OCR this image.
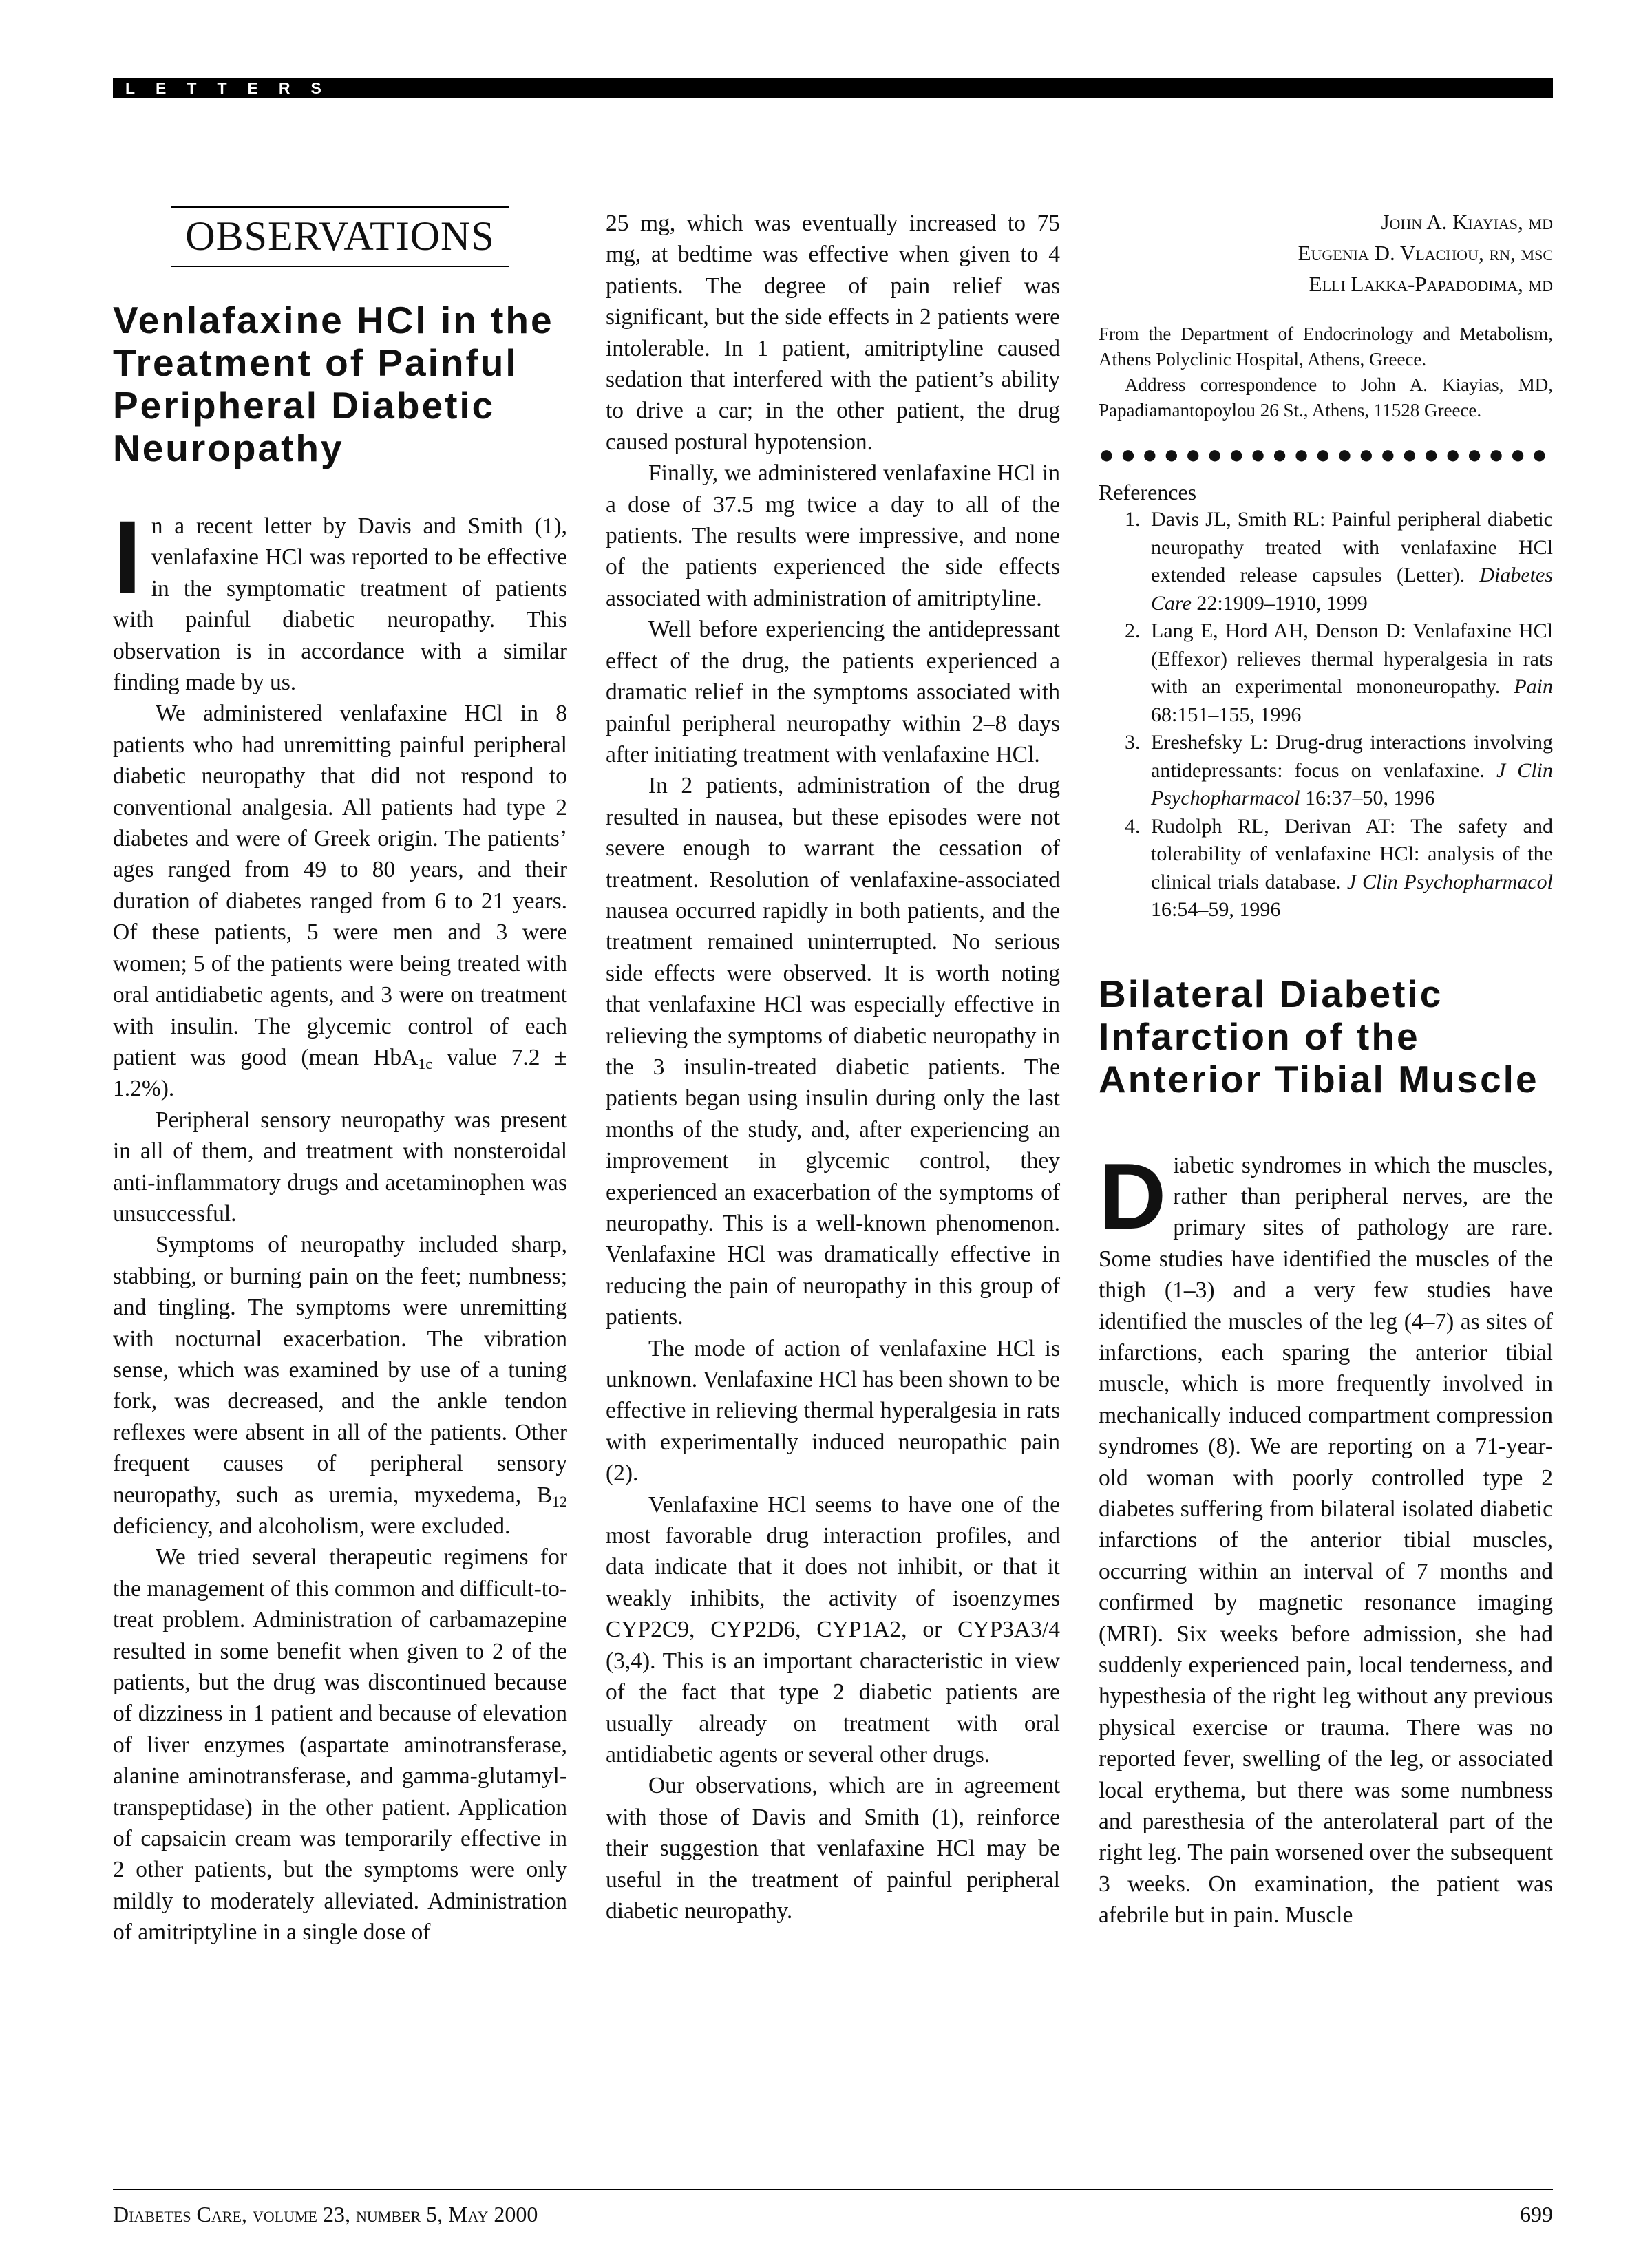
LETTERS
OBSERVATIONS
Venlafaxine HCl in the Treatment of Painful Peripheral Diabetic Neuropathy

In a recent letter by Davis and Smith (1), venlafaxine HCl was reported to be effective in the symptomatic treatment of patients with painful diabetic neuropathy. This observation is in accordance with a similar finding made by us.

We administered venlafaxine HCl in 8 patients who had unremitting painful peripheral diabetic neuropathy that did not respond to conventional analgesia. All patients had type 2 diabetes and were of Greek origin. The patients’ ages ranged from 49 to 80 years, and their duration of diabetes ranged from 6 to 21 years. Of these patients, 5 were men and 3 were women; 5 of the patients were being treated with oral antidiabetic agents, and 3 were on treatment with insulin. The glycemic control of each patient was good (mean HbA$_{1c}$ value 7.2 ± 1.2%).

Peripheral sensory neuropathy was present in all of them, and treatment with nonsteroidal anti-inflammatory drugs and acetaminophen was unsuccessful.

Symptoms of neuropathy included sharp, stabbing, or burning pain on the feet; numbness; and tingling. The symptoms were unremitting with nocturnal exacerbation. The vibration sense, which was examined by use of a tuning fork, was decreased, and the ankle tendon reflexes were absent in all of the patients. Other frequent causes of peripheral sensory neuropathy, such as uremia, myxedema, $B_{12}$ deficiency, and alcoholism, were excluded.

We tried several therapeutic regimens for the management of this common and difficult-to-treat problem. Administration of carbamazepine resulted in some benefit when given to 2 of the patients, but the drug was discontinued because of dizziness in 1 patient and because of elevation of liver enzymes (aspartate aminotransferase, alanine aminotransferase, and gamma-glutamyl-transpeptidase) in the other patient. Application of capsaicin cream was temporarily effective in 2 other patients, but the symptoms were only mildly to moderately alleviated. Administration of amitriptyline in a single dose of

25 mg, which was eventually increased to 75 mg, at bedtime was effective when given to 4 patients. The degree of pain relief was significant, but the side effects in 2 patients were intolerable. In 1 patient, amitriptyline caused sedation that interfered with the patient’s ability to drive a car; in the other patient, the drug caused postural hypotension.

Finally, we administered venlafaxine HCl in a dose of 37.5 mg twice a day to all of the patients. The results were impressive, and none of the patients experienced the side effects associated with administration of amitriptyline.

Well before experiencing the antidepressant effect of the drug, the patients experienced a dramatic relief in the symptoms associated with painful peripheral neuropathy within 2–8 days after initiating treatment with venlafaxine HCl.

In 2 patients, administration of the drug resulted in nausea, but these episodes were not severe enough to warrant the cessation of treatment. Resolution of venlafaxine-associated nausea occurred rapidly in both patients, and the treatment remained uninterrupted. No serious side effects were observed. It is worth noting that venlafaxine HCl was especially effective in relieving the symptoms of diabetic neuropathy in the 3 insulin-treated diabetic patients. The patients began using insulin during only the last months of the study, and, after experiencing an improvement in glycemic control, they experienced an exacerbation of the symptoms of neuropathy. This is a well-known phenomenon. Venlafaxine HCl was dramatically effective in reducing the pain of neuropathy in this group of patients.

The mode of action of venlafaxine HCl is unknown. Venlafaxine HCl has been shown to be effective in relieving thermal hyperalgesia in rats with experimentally induced neuropathic pain (2).

Venlafaxine HCl seems to have one of the most favorable drug interaction profiles, and data indicate that it does not inhibit, or that it weakly inhibits, the activity of isoenzymes CYP2C9, CYP2D6, CYP1A2, or CYP3A3/4 (3,4). This is an important characteristic in view of the fact that type 2 diabetic patients are usually already on treatment with oral antidiabetic agents or several other drugs.

Our observations, which are in agreement with those of Davis and Smith (1), reinforce their suggestion that venlafaxine HCl may be useful in the treatment of painful peripheral diabetic neuropathy.

John A. Kiayias, md
Eugenia D. Vlachou, rn, msc
Elli Lakka-Papadodima, md

From the Department of Endocrinology and Metabolism, Athens Polyclinic Hospital, Athens, Greece.

Address correspondence to John A. Kiayias, MD, Papadiamantopoylou 26 St., Athens, 11528 Greece.

●●●●●●●●●●●●●●●●●●●●●
References
1. Davis JL, Smith RL: Painful peripheral diabetic neuropathy treated with venlafaxine HCl extended release capsules (Letter). Diabetes Care 22:1909–1910, 1999
2. Lang E, Hord AH, Denson D: Venlafaxine HCl (Effexor) relieves thermal hyperalgesia in rats with an experimental mononeuropathy. Pain 68:151–155, 1996
3. Ereshefsky L: Drug-drug interactions involving antidepressants: focus on venlafaxine. J Clin Psychopharmacol 16:37–50, 1996
4. Rudolph RL, Derivan AT: The safety and tolerability of venlafaxine HCl: analysis of the clinical trials database. J Clin Psychopharmacol 16:54–59, 1996
Bilateral Diabetic Infarction of the Anterior Tibial Muscle

Diabetic syndromes in which the muscles, rather than peripheral nerves, are the primary sites of pathology are rare. Some studies have identified the muscles of the thigh (1–3) and a very few studies have identified the muscles of the leg (4–7) as sites of infarctions, each sparing the anterior tibial muscle, which is more frequently involved in mechanically induced compartment compression syndromes (8). We are reporting on a 71-year-old woman with poorly controlled type 2 diabetes suffering from bilateral isolated diabetic infarctions of the anterior tibial muscles, occurring within an interval of 7 months and confirmed by magnetic resonance imaging (MRI). Six weeks before admission, she had suddenly experienced pain, local tenderness, and hypesthesia of the right leg without any previous physical exercise or trauma. There was no reported fever, swelling of the leg, or associated local erythema, but there was some numbness and paresthesia of the anterolateral part of the right leg. The pain worsened over the subsequent 3 weeks. On examination, the patient was afebrile but in pain. Muscle

Diabetes Care, volume 23, number 5, May 2000	699
